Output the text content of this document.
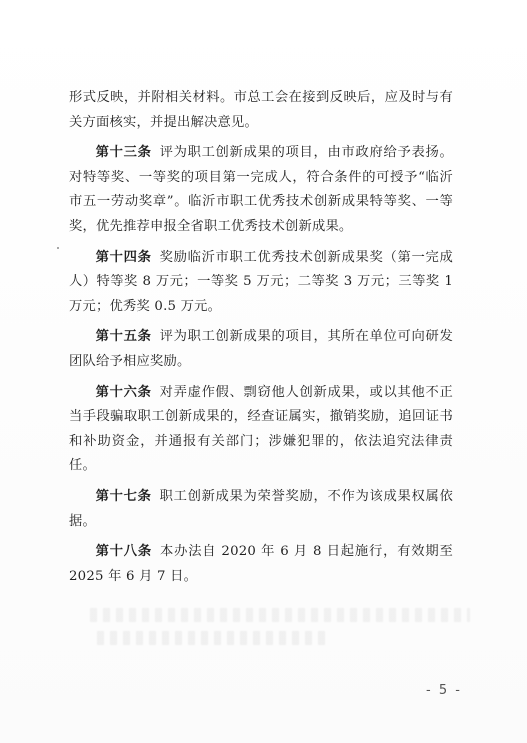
形式反映，并附相关材料。市总工会在接到反映后，应及时与有关方面核实，并提出解决意见。

第十三条 评为职工创新成果的项目，由市政府给予表扬。对特等奖、一等奖的项目第一完成人，符合条件的可授予“临沂市五一劳动奖章”。临沂市职工优秀技术创新成果特等奖、一等奖，优先推荐申报全省职工优秀技术创新成果。

第十四条 奖励临沂市职工优秀技术创新成果奖（第一完成人）特等奖 8 万元；一等奖 5 万元；二等奖 3 万元；三等奖 1 万元；优秀奖 0.5 万元。

第十五条 评为职工创新成果的项目，其所在单位可向研发团队给予相应奖励。

第十六条 对弄虚作假、剽窃他人创新成果，或以其他不正当手段骗取职工创新成果的，经查证属实，撤销奖励，追回证书和补助资金，并通报有关部门；涉嫌犯罪的，依法追究法律责任。

第十七条 职工创新成果为荣誉奖励，不作为该成果权属依据。

第十八条 本办法自 2020 年 6 月 8 日起施行，有效期至 2025 年 6 月 7 日。

- 5 -
